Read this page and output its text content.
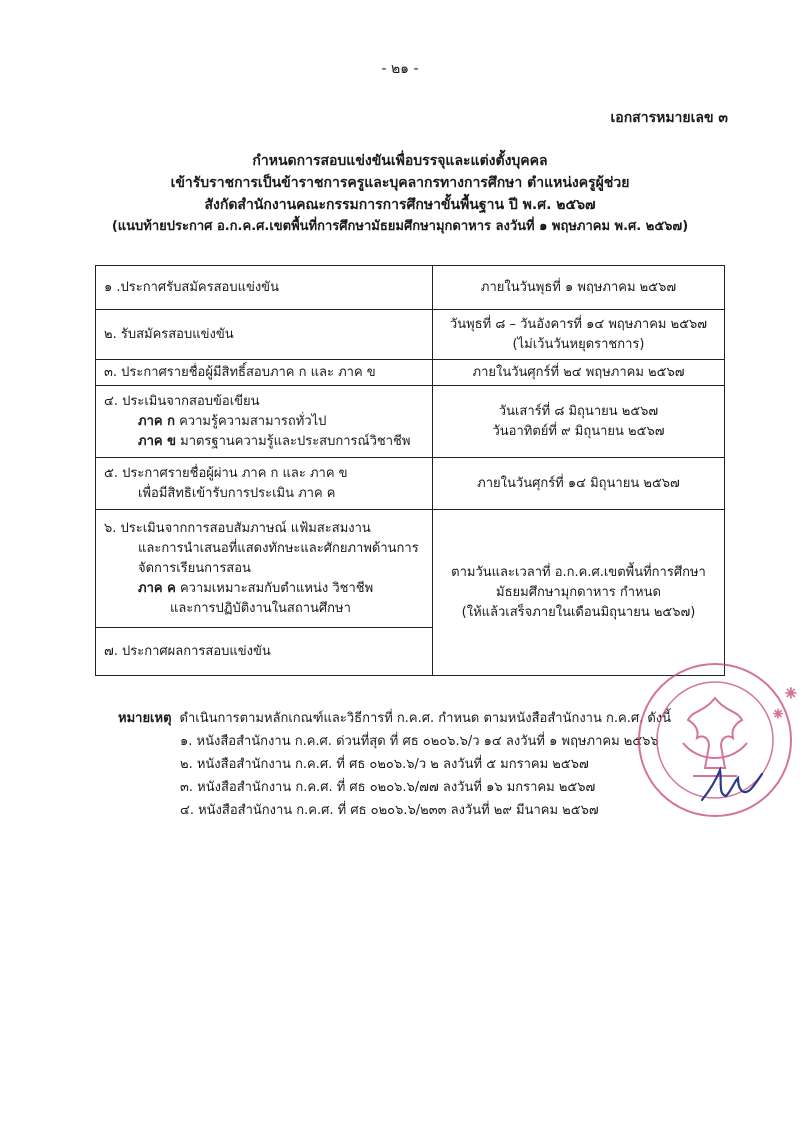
- ๒๑ -
เอกสารหมายเลข ๓
กำหนดการสอบแข่งขันเพื่อบรรจุและแต่งตั้งบุคคล
เข้ารับราชการเป็นข้าราชการครูและบุคลากรทางการศึกษา ตำแหน่งครูผู้ช่วย
สังกัดสำนักงานคณะกรรมการการศึกษาขั้นพื้นฐาน ปี พ.ศ. ๒๕๖๗
(แนบท้ายประกาศ อ.ก.ค.ศ.เขตพื้นที่การศึกษามัธยมศึกษามุกดาหาร ลงวันที่ ๑ พฤษภาคม พ.ศ. ๒๕๖๗)
๑ .ประกาศรับสมัครสอบแข่งขัน	ภายในวันพุธที่ ๑ พฤษภาคม ๒๕๖๗
๒. รับสมัครสอบแข่งขัน	วันพุธที่ ๘ – วันอังคารที่ ๑๔ พฤษภาคม ๒๕๖๗
(ไม่เว้นวันหยุดราชการ)

๓. ประกาศรายชื่อผู้มีสิทธิ์สอบภาค ก และ ภาค ข	ภายในวันศุกร์ที่ ๒๔ พฤษภาคม ๒๕๖๗

๔. ประเมินจากสอบข้อเขียน
ภาค ก ความรู้ความสามารถทั่วไป
ภาค ข มาตรฐานความรู้และประสบการณ์วิชาชีพ	วันเสาร์ที่ ๘ มิถุนายน ๒๕๖๗
วันอาทิตย์ที่ ๙ มิถุนายน ๒๕๖๗

๕. ประกาศรายชื่อผู้ผ่าน ภาค ก และ ภาค ข
เพื่อมีสิทธิเข้ารับการประเมิน ภาค ค	ภายในวันศุกร์ที่ ๑๔ มิถุนายน ๒๕๖๗

๖. ประเมินจากการสอบสัมภาษณ์ แฟ้มสะสมงาน
และการนำเสนอที่แสดงทักษะและศักยภาพด้านการ
จัดการเรียนการสอน
ภาค ค ความเหมาะสมกับตำแหน่ง วิชาชีพ
และการปฏิบัติงานในสถานศึกษา	ตามวันและเวลาที่ อ.ก.ค.ศ.เขตพื้นที่การศึกษา
มัธยมศึกษามุกดาหาร กำหนด
(ให้แล้วเสร็จภายในเดือนมิถุนายน ๒๕๖๗)

๗. ประกาศผลการสอบแข่งขัน	
หมายเหตุ ดำเนินการตามหลักเกณฑ์และวิธีการที่ ก.ค.ศ. กำหนด ตามหนังสือสำนักงาน ก.ค.ศ. ดังนี้
๑. หนังสือสำนักงาน ก.ค.ศ. ด่วนที่สุด ที่ ศธ ๐๒๐๖.๖/ว ๑๔ ลงวันที่ ๑ พฤษภาคม ๒๕๖๖
๒. หนังสือสำนักงาน ก.ค.ศ. ที่ ศธ ๐๒๐๖.๖/ว ๒ ลงวันที่ ๕ มกราคม ๒๕๖๗
๓. หนังสือสำนักงาน ก.ค.ศ. ที่ ศธ ๐๒๐๖.๖/๗๗ ลงวันที่ ๑๖ มกราคม ๒๕๖๗
๔. หนังสือสำนักงาน ก.ค.ศ. ที่ ศธ ๐๒๐๖.๖/๒๓๓ ลงวันที่ ๒๙ มีนาคม ๒๕๖๗
✳
✳
